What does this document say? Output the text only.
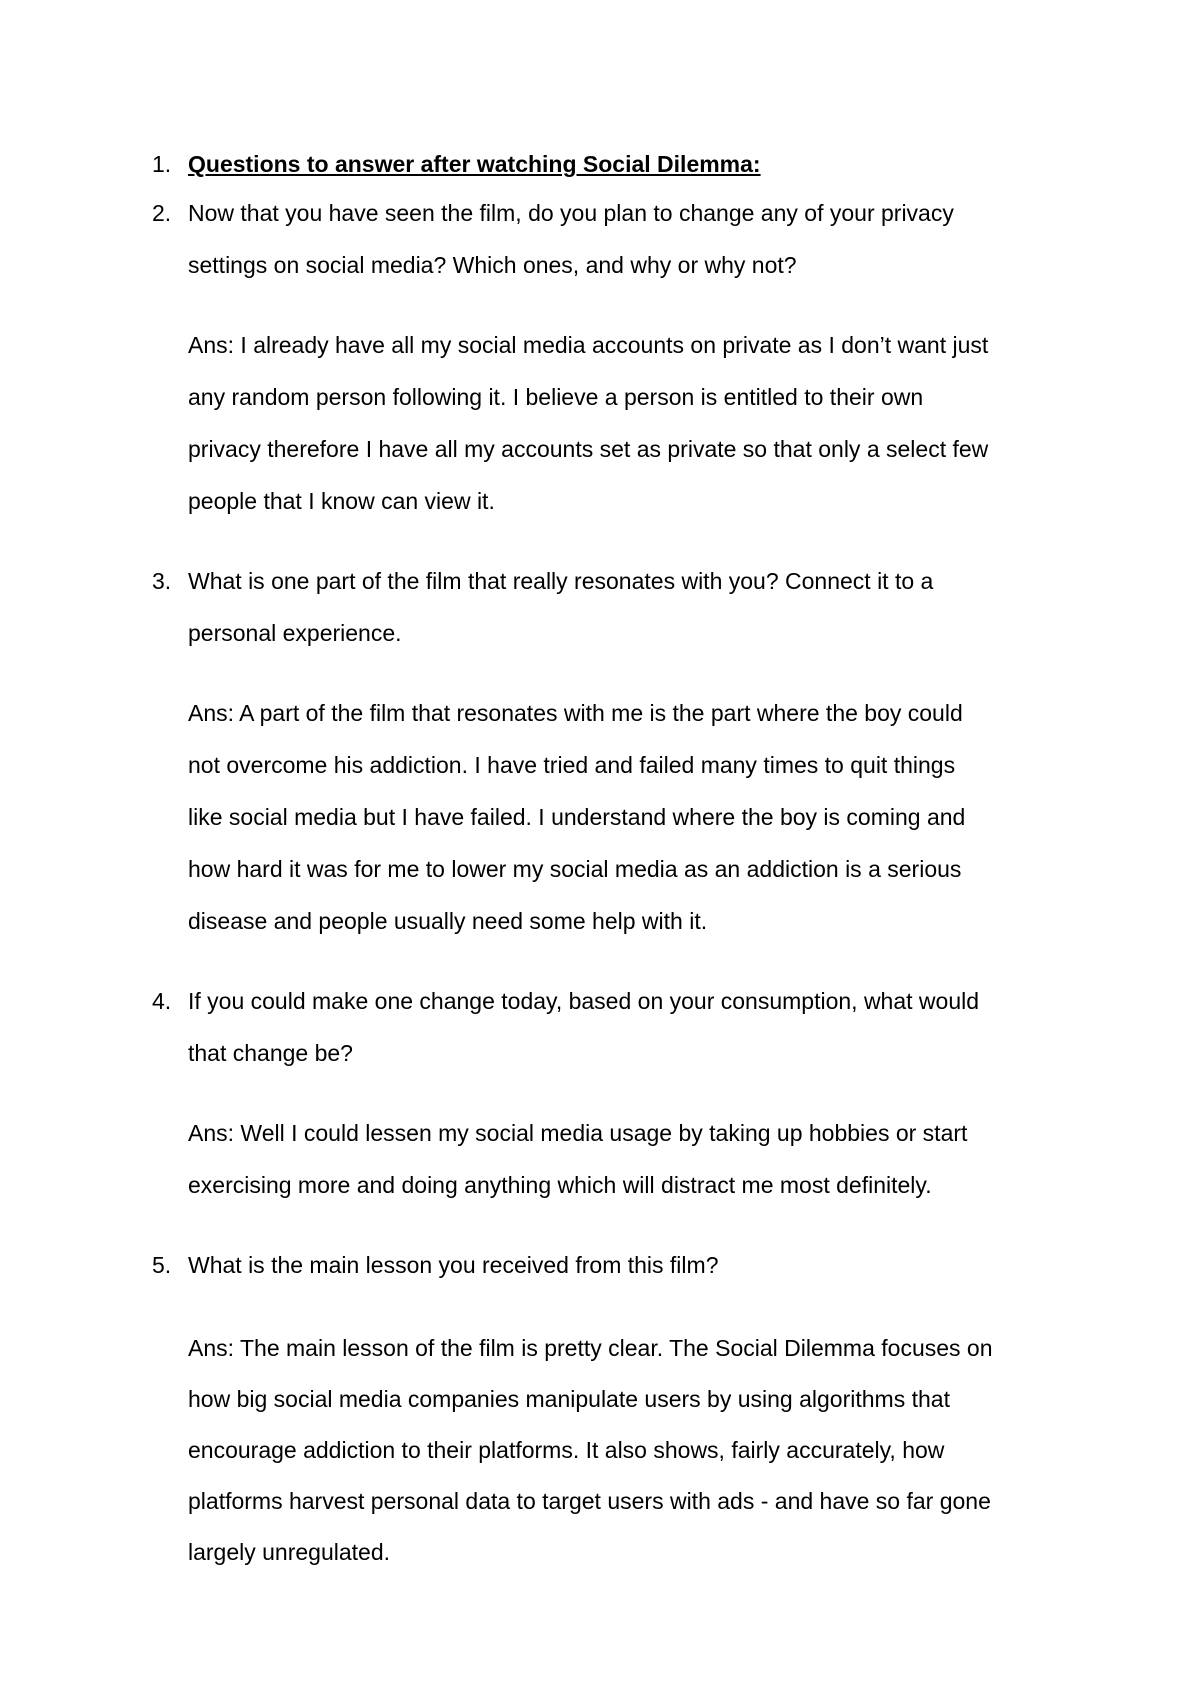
1. Questions to answer after watching Social Dilemma:
2. Now that you have seen the film, do you plan to change any of your privacy
settings on social media? Which ones, and why or why not?
Ans: I already have all my social media accounts on private as I don’t want just
any random person following it. I believe a person is entitled to their own
privacy therefore I have all my accounts set as private so that only a select few
people that I know can view it.
3. What is one part of the film that really resonates with you? Connect it to a
personal experience.
Ans: A part of the film that resonates with me is the part where the boy could
not overcome his addiction. I have tried and failed many times to quit things
like social media but I have failed. I understand where the boy is coming and
how hard it was for me to lower my social media as an addiction is a serious
disease and people usually need some help with it.
4. If you could make one change today, based on your consumption, what would
that change be?
Ans: Well I could lessen my social media usage by taking up hobbies or start
exercising more and doing anything which will distract me most definitely.
5. What is the main lesson you received from this film?
Ans: The main lesson of the film is pretty clear. The Social Dilemma focuses on
how big social media companies manipulate users by using algorithms that
encourage addiction to their platforms. It also shows, fairly accurately, how
platforms harvest personal data to target users with ads - and have so far gone
largely unregulated.
